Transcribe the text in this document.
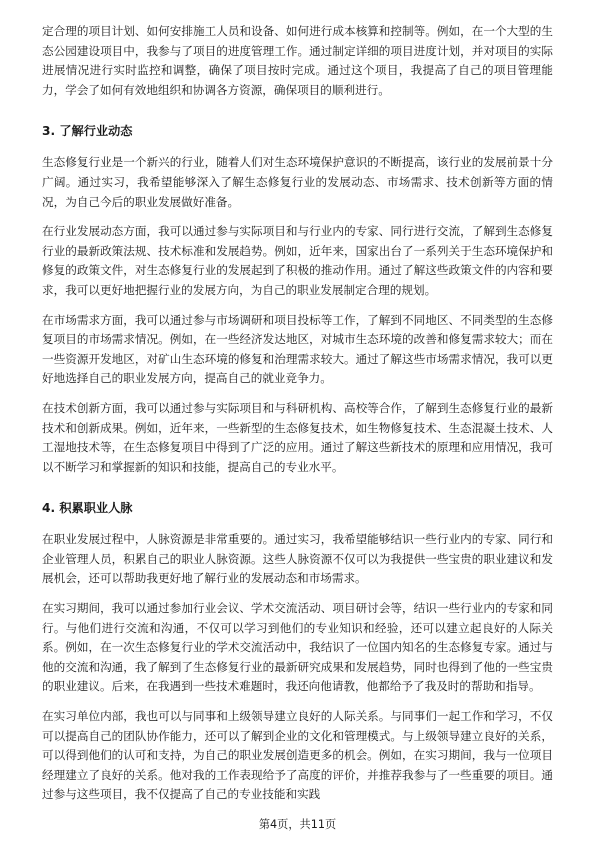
定合理的项目计划、如何安排施工人员和设备、如何进行成本核算和控制等。例如，在一个大型的生态公园建设项目中，我参与了项目的进度管理工作。通过制定详细的项目进度计划，并对项目的实际进展情况进行实时监控和调整，确保了项目按时完成。通过这个项目，我提高了自己的项目管理能力，学会了如何有效地组织和协调各方资源，确保项目的顺利进行。

3. 了解行业动态

生态修复行业是一个新兴的行业，随着人们对生态环境保护意识的不断提高，该行业的发展前景十分广阔。通过实习，我希望能够深入了解生态修复行业的发展动态、市场需求、技术创新等方面的情况，为自己今后的职业发展做好准备。

在行业发展动态方面，我可以通过参与实际项目和与行业内的专家、同行进行交流，了解到生态修复行业的最新政策法规、技术标准和发展趋势。例如，近年来，国家出台了一系列关于生态环境保护和修复的政策文件，对生态修复行业的发展起到了积极的推动作用。通过了解这些政策文件的内容和要求，我可以更好地把握行业的发展方向，为自己的职业发展制定合理的规划。

在市场需求方面，我可以通过参与市场调研和项目投标等工作，了解到不同地区、不同类型的生态修复项目的市场需求情况。例如，在一些经济发达地区，对城市生态环境的改善和修复需求较大；而在一些资源开发地区，对矿山生态环境的修复和治理需求较大。通过了解这些市场需求情况，我可以更好地选择自己的职业发展方向，提高自己的就业竞争力。

在技术创新方面，我可以通过参与实际项目和与科研机构、高校等合作，了解到生态修复行业的最新技术和创新成果。例如，近年来，一些新型的生态修复技术，如生物修复技术、生态混凝土技术、人工湿地技术等，在生态修复项目中得到了广泛的应用。通过了解这些新技术的原理和应用情况，我可以不断学习和掌握新的知识和技能，提高自己的专业水平。

4. 积累职业人脉

在职业发展过程中，人脉资源是非常重要的。通过实习，我希望能够结识一些行业内的专家、同行和企业管理人员，积累自己的职业人脉资源。这些人脉资源不仅可以为我提供一些宝贵的职业建议和发展机会，还可以帮助我更好地了解行业的发展动态和市场需求。

在实习期间，我可以通过参加行业会议、学术交流活动、项目研讨会等，结识一些行业内的专家和同行。与他们进行交流和沟通，不仅可以学习到他们的专业知识和经验，还可以建立起良好的人际关系。例如，在一次生态修复行业的学术交流活动中，我结识了一位国内知名的生态修复专家。通过与他的交流和沟通，我了解到了生态修复行业的最新研究成果和发展趋势，同时也得到了他的一些宝贵的职业建议。后来，在我遇到一些技术难题时，我还向他请教，他都给予了我及时的帮助和指导。

在实习单位内部，我也可以与同事和上级领导建立良好的人际关系。与同事们一起工作和学习，不仅可以提高自己的团队协作能力，还可以了解到企业的文化和管理模式。与上级领导建立良好的关系，可以得到他们的认可和支持，为自己的职业发展创造更多的机会。例如，在实习期间，我与一位项目经理建立了良好的关系。他对我的工作表现给予了高度的评价，并推荐我参与了一些重要的项目。通过参与这些项目，我不仅提高了自己的专业技能和实践

第4页，共11页
